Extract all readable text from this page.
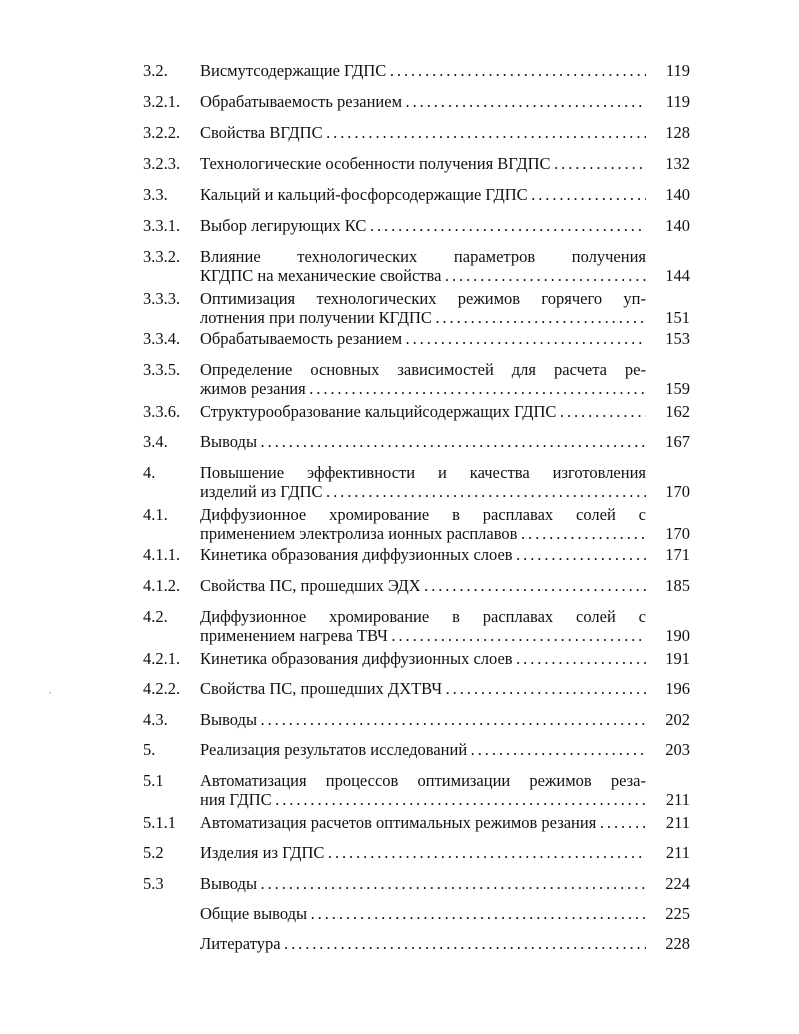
3.2. Висмутсодержащие ГДПС . . .	119
3.2.1. Обрабатываемость резанием . . .	119
3.2.2. Свойства ВГДПС . . .	128
3.2.3. Технологические особенности получения ВГДПС . . .	132
3.3. Кальций и кальций-фосфорсодержащие ГДПС . . .	140
3.3.1. Выбор легирующих КС . . .	140
3.3.2. Влияние технологических параметров получения
КГДПС на механические свойства . . .	144
3.3.3. Оптимизация технологических режимов горячего уп-
лотнения при получении КГДПС . . .	151
3.3.4. Обрабатываемость резанием . . .	153
3.3.5. Определение основных зависимостей для расчета ре-
жимов резания . . .	159
3.3.6. Структурообразование кальцийсодержащих ГДПС . . .	162
3.4. Выводы . . .	167
4.	Повышение эффективности и качества изготовления
изделий из ГДПС . . .	170
4.1. Диффузионное хромирование в расплавах солей с
применением электролиза ионных расплавов . . .	170
4.1.1. Кинетика образования диффузионных слоев . . .	171
4.1.2. Свойства ПС, прошедших ЭДХ . . .	185
4.2. Диффузионное хромирование в расплавах солей с
применением нагрева ТВЧ . . .	190
4.2.1. Кинетика образования диффузионных слоев . . .	191
4.2.2. Свойства ПС, прошедших ДХТВЧ . . .	196
4.3. Выводы . . .	202
5.	Реализация результатов исследований . . .	203
5.1 Автоматизация процессов оптимизации режимов реза-
ния ГДПС . . .	211
5.1.1 Автоматизация расчетов оптимальных режимов резания . . .	211
5.2 Изделия из ГДПС . . .	211
5.3 Выводы . . .	224
Общие выводы . . .	225
Литература . . .	228
,
